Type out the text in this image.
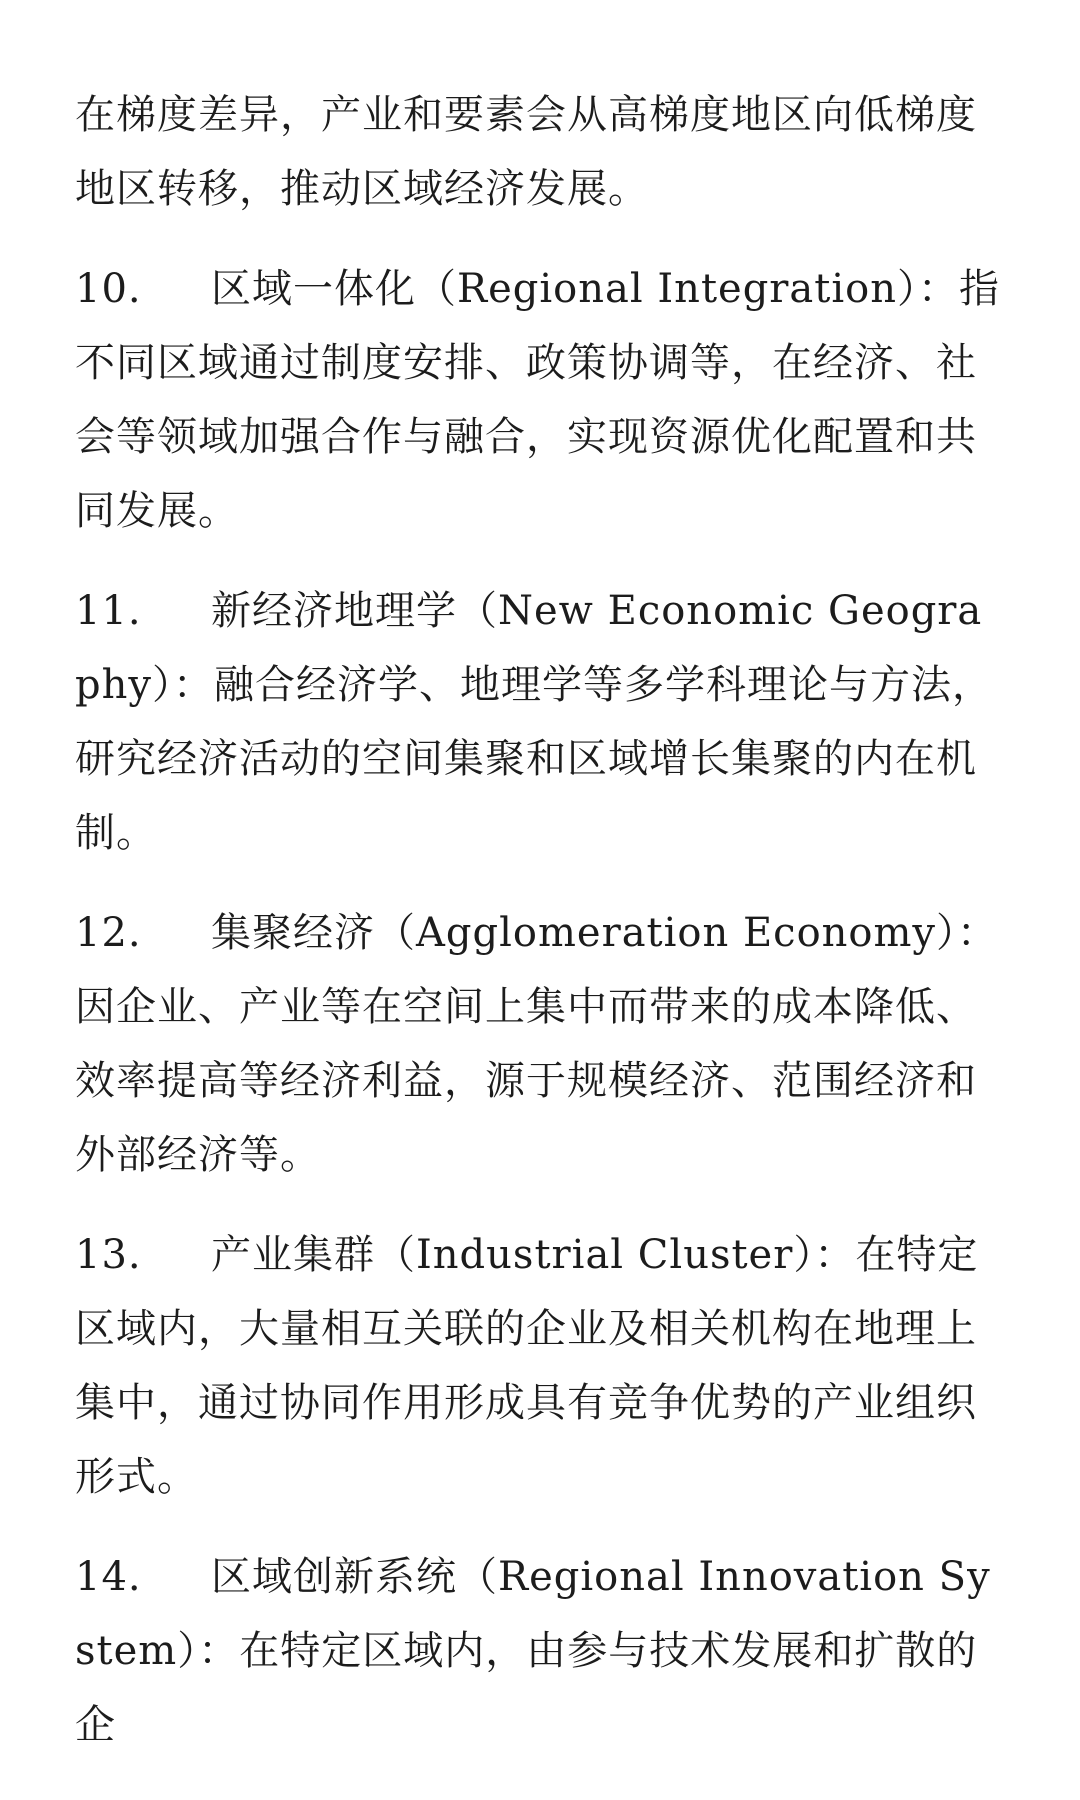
在梯度差异，产业和要素会从高梯度地区向低梯度地区转移，推动区域经济发展。

10. 区域一体化（Regional Integration）：指不同区域通过制度安排、政策协调等，在经济、社会等领域加强合作与融合，实现资源优化配置和共同发展。

11. 新经济地理学（New Economic Geography）：融合经济学、地理学等多学科理论与方法，研究经济活动的空间集聚和区域增长集聚的内在机制。

12. 集聚经济（Agglomeration Economy）：因企业、产业等在空间上集中而带来的成本降低、效率提高等经济利益，源于规模经济、范围经济和外部经济等。

13. 产业集群（Industrial Cluster）：在特定区域内，大量相互关联的企业及相关机构在地理上集中，通过协同作用形成具有竞争优势的产业组织形式。

14. 区域创新系统（Regional Innovation System）：在特定区域内，由参与技术发展和扩散的企
